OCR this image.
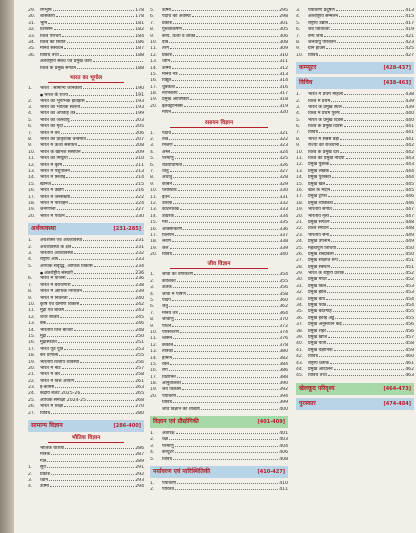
29.	रंगभूमि	178
30.	शासकीय	178
31.	भूमि	181
32.	प्रशासन	182
33.	विश्व परिचय	184
34.	विश्व की स्थिति	186
35.	मानव संसाधन	187
36.	विविध तथ्य	188
अंतर्राष्ट्रीय संबंध एवं प्रमुख कार्य
विश्व के प्रमुख संगठन	188
भारत का भूगोल
1.	भारत : सामान्य जानकारी	190
● भारत के राज्य	191
2.	भारत का भूगर्भिक इतिहास	193
3.	भारत का भौतिक स्वरूप	193
4.	भारत का अपवाह तंत्र	199
5.	भारत की जलवायु	203
6.	भारत की मृदा	205
7.	भारत में वन	206
8.	भारत की प्राकृतिक वनस्पति	207
9.	भारत में ऊर्जा संसाधन	208
10.	भारत के खनिज संसाधन	209
11.	भारत की मिट्टियाँ	210
12.	भारत में कृषि	211
13.	भारत में पशुपालन	213
14.	भारत में सिंचाई	214
15.	खनिज	215
16.	भारत में उद्योग	216
17.	भारत में जनसंख्या	222
18.	भारत में परिवहन	224
19.	जनगणना	227
20.	भारत में पर्यटन	230
अर्थव्यवस्था	[231-285]
1.	अर्थशास्त्र एवं अर्थव्यवस्था	231
2.	अर्थव्यवस्था के क्षेत्र	231
3.	भारतीय अर्थव्यवस्था	232
4.	राष्ट्रीय आय	233
5.	आर्थिक संवृद्धि, आर्थिक विकास	234
● अंतर्राष्ट्रीय संस्थाएँ	236
6.	भारत में योजना	236
7.	भारत में बेरोजगारी	238
8.	भारत में आर्थिक नियोजन	239
9.	भारत में निर्धनता	240
10.	कृषि एवं ग्रामीण विकास	242
11.	मुद्रा एवं बैंकिंग	243
12.	शेयर बाजार	245
13.	बैंक	246
14.	भारतीय वित्त बाजार	248
15.	मुद्रा	250
16.	मुद्रास्फीति	251
17.	भारत पूर्व पूर्ति	253
18.	कर प्रणाली	255
19.	भारतीय वित्तीय व्यवस्था	256
20.	भारत में नोट	257
21.	भारत में कर	258
22.	भारत में वित्त आयोग	261
23.	ई-कॉमर्स	263
24.	केंद्रीय बजट 2025-26	265
25.	आर्थिक समीक्षा 2024-25	268
26.	भारत में शिक्षा	270
27.	विविध	280
सामान्य विज्ञान	[286-400]
भौतिक विज्ञान
भौतिक राशियाँ	286
मात्रक	287
गति	289
1.	सूर्य	291
2.	प्रकाश	292
3.	ध्वनि	293
4.	ऊष्मा	294
5.	ऊष्मा	295
6.	पदार्थ की अवस्था	298
7.	प्रकाश	301
8.	गुरुत्वाकर्षण	305
9.	कार्य, ऊर्जा व शक्ति	306
10.	दाब	308
11.	तरंगें	309
12.	प्रकाश	310
13.	ध्वनि	311
14.	ऊष्मा	312
15.	मानव नेत्र	313
16.	विद्युत	314
17.	चुंबकत्व	316
18.	नाभिकीय	317
19.	प्रमुख आविष्कार	318
20.	इलेक्ट्रॉनिक्स	319
मापन	320
रसायन विज्ञान
1.	पदार्थ	321
2.	तत्व	322
3.	मिश्रण	323
4.	अम्ल	324
5.	परमाणु	325
6.	रेडियोधर्मिता	326
7.	धातु	327
8.	अधातु	328
9.	कार्बन	329
10.	प्लास्टिक	330
11.	ईंधन	331
12.	उर्वरक	332
13.	कीटनाशक	333
14.	उत्प्रेरक	334
15.	गैसें	335
16.	ऑक्सीकरण	336
17.	विलयन	337
18.	लवण	338
19.	जल	339
20.	विविध	340
जीव विज्ञान
1.	जीवों का वर्गीकरण	354
2.	कोशिका	355
3.	ऊतक	356
4.	जीवों में पोषण	358
5.	पादप	360
6.	जंतु	362
7.	मानव तंत्र	364
8.	जीवाणु	370
9.	पाचन	372
10.	परिसंचरण	374
11.	श्वसन	376
12.	कंकाल	378
13.	तंत्रिका	380
14.	हार्मोन	382
15.	रक्त	384
16.	रोग	386
17.	विटामिन	388
18.	आनुवंशिकी	390
19.	जैव विकास	392
20.	पर्यावरण	394
विविध	399
जीव विज्ञान की शाखाएँ	400
विज्ञान एवं प्रौद्योगिकी	[401-409]
1.	अंतरिक्ष	401
2.	रक्षा	403
3.	परमाणु	404
4.	कंप्यूटर	406
5.	विविध	408
पर्यावरण एवं पारिस्थितिकी	[410-427]
1.	पर्यावरण	410
2.	पारितंत्र	411
3.	पर्यावरण प्रदूषण	413
4.	अंतर्राष्ट्रीय सम्मेलन	415
5.	राष्ट्रीय उद्यान	417
6.	जैव विविधता	419
7.	वन्य जीव	421
8.	जलवायु परिवर्तन	423
9.	ग्रीन हाउस	425
10.	विविध	427
कम्प्यूटर	[428-437]
विविध	[438-463]
1.	भारत में प्रथम महिला	438
2.	विश्व में प्रथम	439
3.	भारत के प्रमुख स्थल	439
4.	विश्व में प्रथम पुरुष	440
5.	भारत के प्रमुख दिवस	440
6.	विश्व के प्रमुख दिवस	441
7.	विविध	441
8.	भारत में सबसे बड़ा	441
9.	राज्यों की राजधानी	442
10.	विश्व के प्रमुख देश	442
11.	विश्व की प्रमुख नदियाँ	443
12.	प्रमुख पुस्तकें	443
13.	प्रमुख लेखक	444
14.	प्रमुख पुरस्कार	444
15.	प्रमुख खेल	445
16.	खेल के मैदान	445
17.	प्रमुख ट्रॉफी	446
18.	प्रमुख व्यक्तित्व	446
19.	भारतीय संगीत	447
20.	भारतीय नृत्य	447
21.	प्रमुख संगठन	448
22.	विश्व संगठन	448
23.	भारतीय सेना	449
24.	प्रमुख उपनाम	449
25.	महत्वपूर्ण तिथियाँ	450
26.	प्रमुख शब्दावली	450
27.	प्रमुख संक्षिप्त रूप	451
28.	प्रमुख संस्थान	451
29.	भारत के राष्ट्रीय प्रतीक	452
30.	प्रमुख मंदिर	452
31.	प्रमुख किले	453
32.	प्रमुख झीलें	453
33.	प्रमुख बाँध	454
34.	प्रमुख पर्वत	454
35.	प्रमुख बंदरगाह	455
36.	प्रमुख हवाई अड्डे	455
37.	प्रमुख अनुसंधान केंद्र	456
38.	प्रमुख शहर	456
39.	प्रमुख खोज	457
40.	प्रमुख यात्री	458
41.	प्रमुख वैज्ञानिक	459
42.	विविध	460
43.	राष्ट्रीय प्रतीक	461
44.	प्रमुख आंदोलन	462
45.	विविध तथ्य	463
खेलकूद परिदृश्य	[464-473]
पुरस्कार	[474-484]
